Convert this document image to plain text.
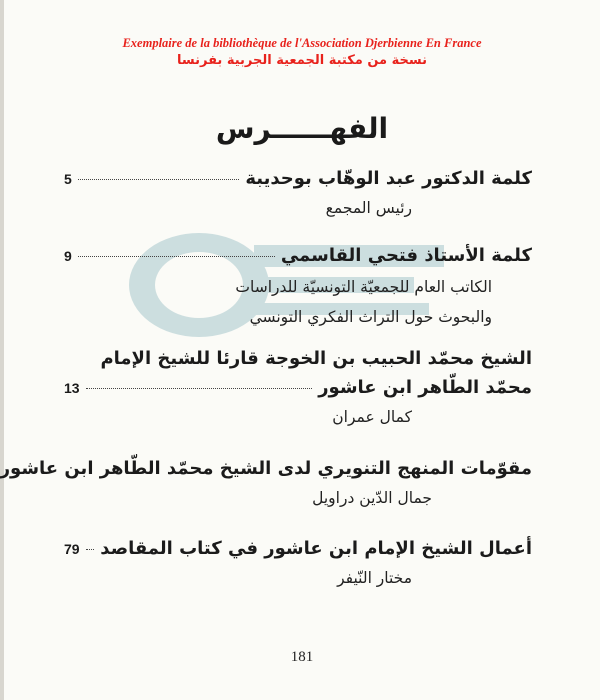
Exemplaire de la bibliothèque de l'Association Djerbienne En France
نسخة من مكتبة الجمعية الجربية بفرنسا
الفهــــــرس
كلمة الدكتور عبد الوهّاب بوحديبة
5
رئيس المجمع
كلمة الأستاذ فتحي القاسمي
9
الكاتب العام للجمعيّة التونسيّة للدراسات
والبحوث حول التراث الفكري التونسي
الشيخ محمّد الحبيب بن الخوجة قارئا للشيخ الإمام
محمّد الطّاهر ابن عاشور
13
كمال عمران
مقوّمات المنهج التنويري لدى الشيخ محمّد الطّاهر ابن عاشور
جمال الدّين دراويل
أعمال الشيخ الإمام ابن عاشور في كتاب المقاصد
79
مختار النّيفر
181
